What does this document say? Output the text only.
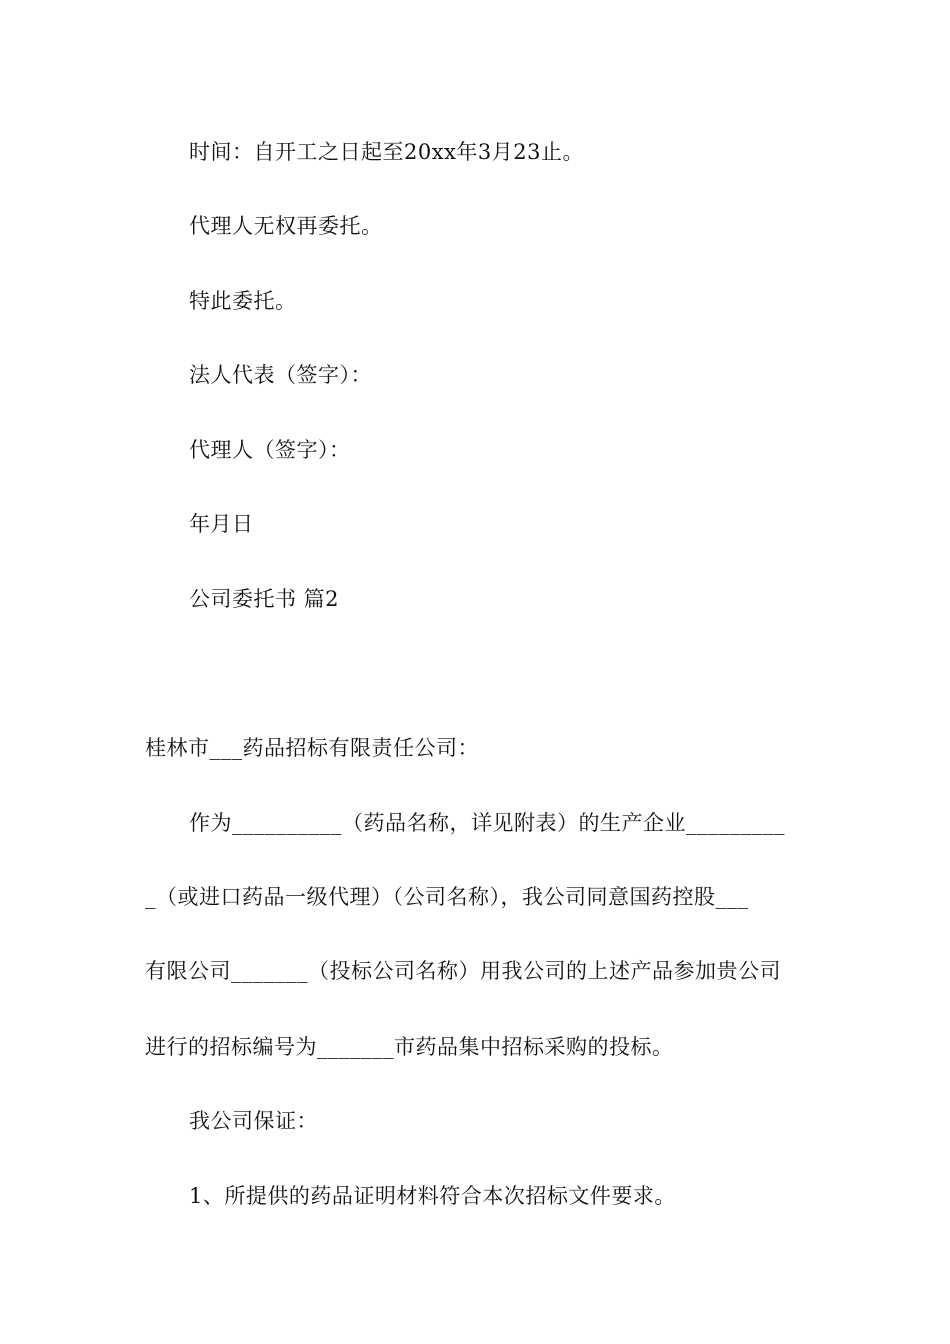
时间：自开工之日起至20xx年3月23止。
代理人无权再委托。
特此委托。
法人代表（签字）：
代理人（签字）：
年月日
公司委托书 篇2
桂林市___药品招标有限责任公司：
作为__________（药品名称，详见附表）的生产企业_________
_（或进口药品一级代理）（公司名称），我公司同意国药控股___
有限公司_______（投标公司名称）用我公司的上述产品参加贵公司
进行的招标编号为_______市药品集中招标采购的投标。
我公司保证：
1、所提供的药品证明材料符合本次招标文件要求。
